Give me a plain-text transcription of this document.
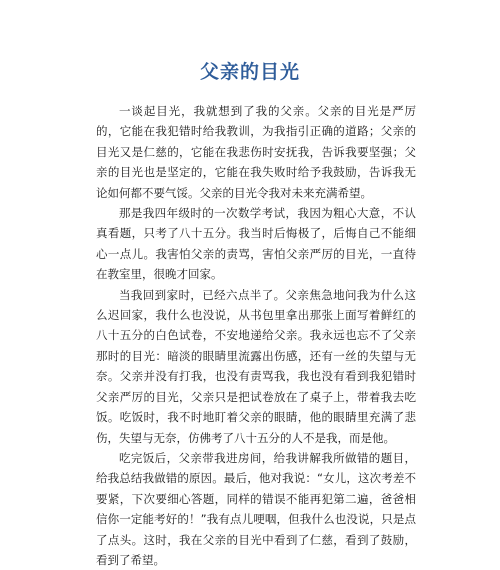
父亲的目光

一谈起目光，我就想到了我的父亲。父亲的目光是严厉的，它能在我犯错时给我教训，为我指引正确的道路；父亲的目光又是仁慈的，它能在我悲伤时安抚我，告诉我要坚强；父亲的目光也是坚定的，它能在我失败时给予我鼓励，告诉我无论如何都不要气馁。父亲的目光令我对未来充满希望。

那是我四年级时的一次数学考试，我因为粗心大意，不认真看题，只考了八十五分。我当时后悔极了，后悔自己不能细心一点儿。我害怕父亲的责骂，害怕父亲严厉的目光，一直待在教室里，很晚才回家。

当我回到家时，已经六点半了。父亲焦急地问我为什么这么迟回家，我什么也没说，从书包里拿出那张上面写着鲜红的八十五分的白色试卷，不安地递给父亲。我永远也忘不了父亲那时的目光：暗淡的眼睛里流露出伤感，还有一丝的失望与无奈。父亲并没有打我，也没有责骂我，我也没有看到我犯错时父亲严厉的目光，父亲只是把试卷放在了桌子上，带着我去吃饭。吃饭时，我不时地盯着父亲的眼睛，他的眼睛里充满了悲伤，失望与无奈，仿佛考了八十五分的人不是我，而是他。

吃完饭后，父亲带我进房间，给我讲解我所做错的题目，给我总结我做错的原因。最后，他对我说：“女儿，这次考差不要紧，下次要细心答题，同样的错误不能再犯第二遍，爸爸相信你一定能考好的！”我有点儿哽咽，但我什么也没说，只是点了点头。这时，我在父亲的目光中看到了仁慈，看到了鼓励，看到了希望。
